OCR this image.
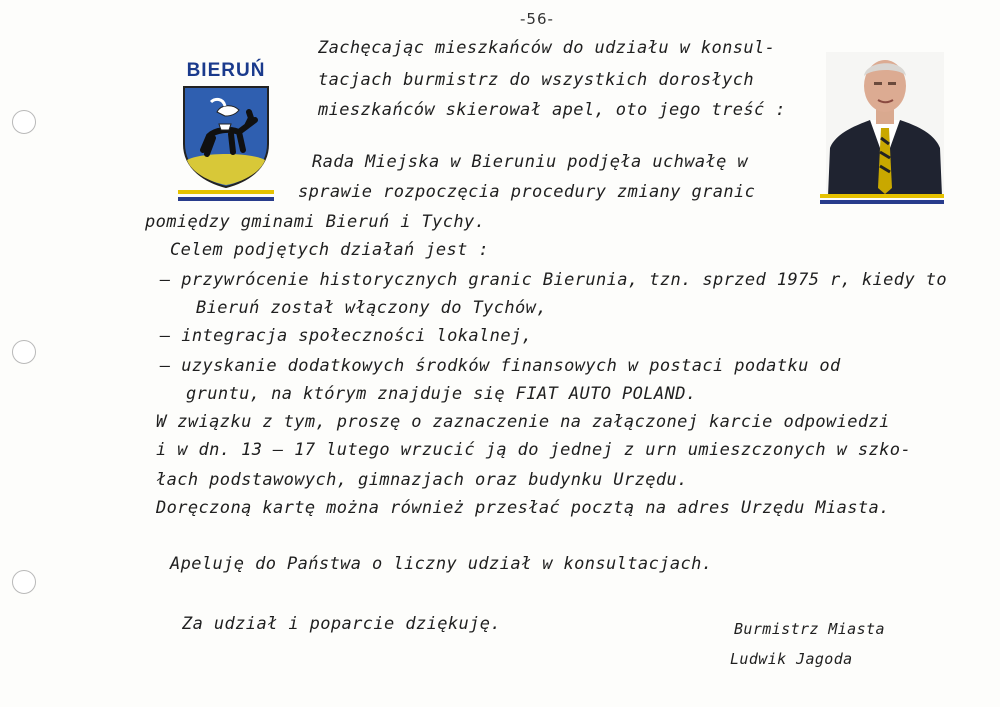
-56-
BIERUŃ
Zachęcając mieszkańców do udziału w konsul-
tacjach burmistrz do wszystkich dorosłych
mieszkańców skierował apel, oto jego treść :
Rada Miejska w Bieruniu podjęła uchwałę w
sprawie rozpoczęcia procedury zmiany granic
pomiędzy gminami Bieruń i Tychy.
Celem podjętych działań jest :
— przywrócenie historycznych granic Bierunia, tzn. sprzed 1975 r, kiedy to
Bieruń został włączony do Tychów,
— integracja społeczności lokalnej,
— uzyskanie dodatkowych środków finansowych w postaci podatku od
gruntu, na którym znajduje się FIAT AUTO POLAND.
W związku z tym, proszę o zaznaczenie na załączonej karcie odpowiedzi
i w dn. 13 — 17 lutego wrzucić ją do jednej z urn umieszczonych w szko-
łach podstawowych, gimnazjach oraz budynku Urzędu.
Doręczoną kartę można również przesłać pocztą na adres Urzędu Miasta.
Apeluję do Państwa o liczny udział w konsultacjach.
Za udział i poparcie dziękuję.	Burmistrz Miasta
Ludwik Jagoda
